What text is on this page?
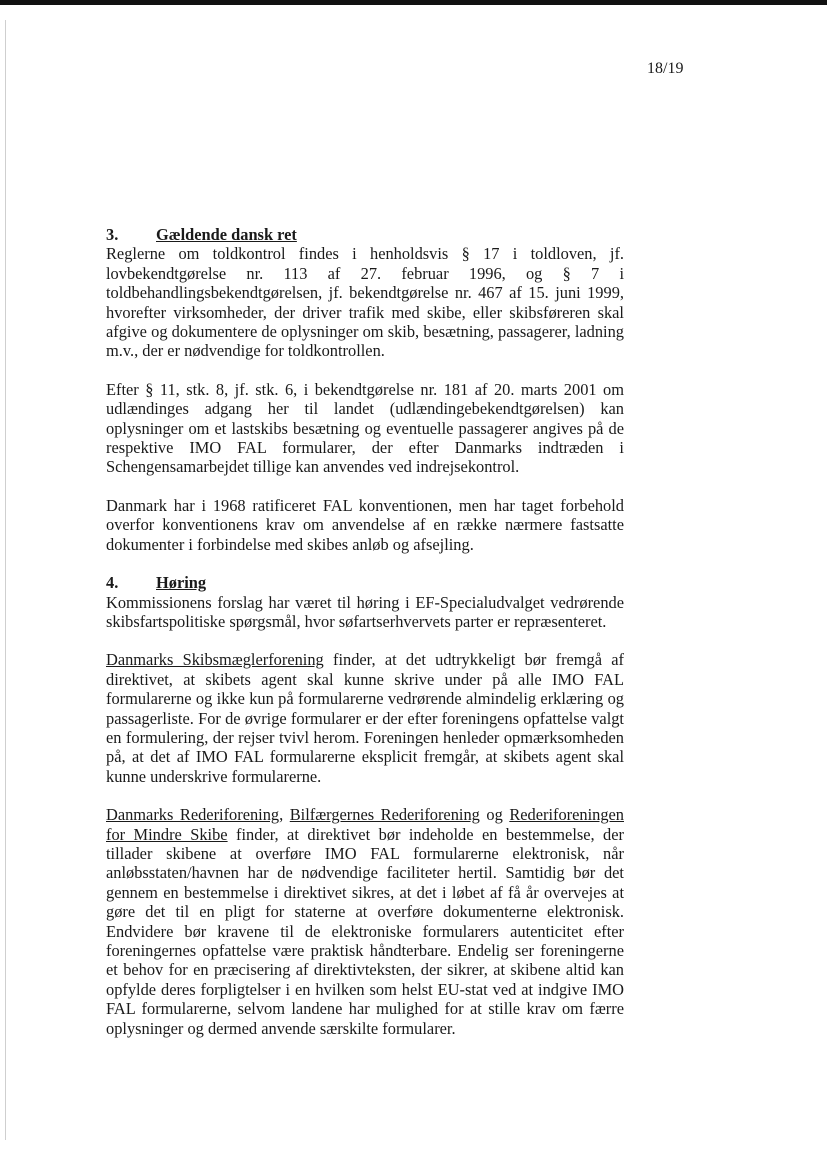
18/19
3.	Gældende dansk ret

Reglerne om toldkontrol findes i henholdsvis § 17 i toldloven, jf. lovbekendtgørelse nr. 113 af 27. februar 1996, og § 7 i toldbehandlingsbekendtgørelsen, jf. bekendtgørelse nr. 467 af 15. juni 1999, hvorefter virksomheder, der driver trafik med skibe, eller skibsføreren skal afgive og dokumentere de oplysninger om skib, besætning, passagerer, ladning m.v., der er nødvendige for toldkontrollen.

Efter § 11, stk. 8, jf. stk. 6, i bekendtgørelse nr. 181 af 20. marts 2001 om udlændinges adgang her til landet (udlændingebekendtgørelsen) kan oplysninger om et lastskibs besætning og eventuelle passagerer angives på de respektive IMO FAL formularer, der efter Danmarks indtræden i Schengensamarbejdet tillige kan anvendes ved indrejsekontrol.

Danmark har i 1968 ratificeret FAL konventionen, men har taget forbehold overfor konventionens krav om anvendelse af en række nærmere fastsatte dokumenter i forbindelse med skibes anløb og afsejling.

4.	Høring

Kommissionens forslag har været til høring i EF-Specialudvalget vedrørende skibsfartspolitiske spørgsmål, hvor søfartserhvervets parter er repræsenteret.

Danmarks Skibsmæglerforening finder, at det udtrykkeligt bør fremgå af direktivet, at skibets agent skal kunne skrive under på alle IMO FAL formularerne og ikke kun på formularerne vedrørende almindelig erklæring og passagerliste. For de øvrige formularer er der efter foreningens opfattelse valgt en formulering, der rejser tvivl herom. Foreningen henleder opmærksomheden på, at det af IMO FAL formularerne eksplicit fremgår, at skibets agent skal kunne underskrive formularerne.

Danmarks Rederiforening, Bilfærgernes Rederiforening og Rederiforeningen for Mindre Skibe finder, at direktivet bør indeholde en bestemmelse, der tillader skibene at overføre IMO FAL formularerne elektronisk, når anløbsstaten/havnen har de nødvendige faciliteter hertil. Samtidig bør det gennem en bestemmelse i direktivet sikres, at det i løbet af få år overvejes at gøre det til en pligt for staterne at overføre dokumenterne elektronisk. Endvidere bør kravene til de elektroniske formularers autenticitet efter foreningernes opfattelse være praktisk håndterbare. Endelig ser foreningerne et behov for en præcisering af direktivteksten, der sikrer, at skibene altid kan opfylde deres forpligtelser i en hvilken som helst EU-stat ved at indgive IMO FAL formularerne, selvom landene har mulighed for at stille krav om færre oplysninger og dermed anvende særskilte formularer.
